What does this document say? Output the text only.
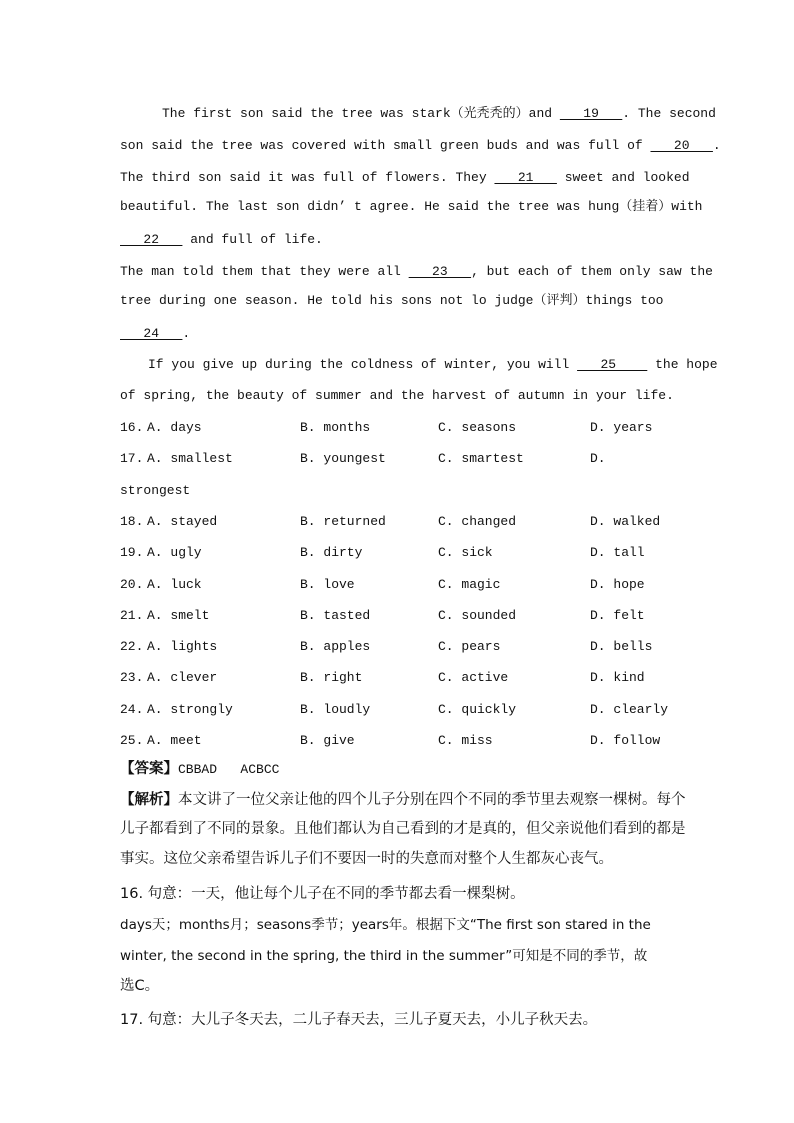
The first son said the tree was stark（光秃秃的）and    19   . The second
son said the tree was covered with small green buds and was full of    20   .
The third son said it was full of flowers. They    21    sweet and looked
beautiful. The last son didn’ t agree. He said the tree was hung（挂着）with
22    and full of life.
The man told them that they were all    23   , but each of them only saw the
tree during one season. He told his sons not lo judge（评判）things too
24   .
If you give up during the coldness of winter, you will    25     the hope
of spring, the beauty of summer and the harvest of autumn in your life.
16. A. days	B. months	C. seasons	D. years
17. A. smallest	B. youngest	C. smartest	D.
strongest
18. A. stayed	B. returned	C. changed	D. walked
19. A. ugly	B. dirty	C. sick	D. tall
20. A. luck	B. love	C. magic	D. hope
21. A. smelt	B. tasted	C. sounded	D. felt
22. A. lights	B. apples	C. pears	D. bells
23. A. clever	B. right	C. active	D. kind
24. A. strongly	B. loudly	C. quickly	D. clearly
25. A. meet	B. give	C. miss	D. follow
【答案】CBBAD   ACBCC
【解析】本文讲了一位父亲让他的四个儿子分别在四个不同的季节里去观察一棵树。每个
儿子都看到了不同的景象。且他们都认为自己看到的才是真的，但父亲说他们看到的都是
事实。这位父亲希望告诉儿子们不要因一时的失意而对整个人生都灰心丧气。
16. 句意：一天，他让每个儿子在不同的季节都去看一棵梨树。
days天；months月；seasons季节；years年。根据下文“The first son stared in the
winter, the second in the spring, the third in the summer”可知是不同的季节，故
选C。
17. 句意：大儿子冬天去，二儿子春天去，三儿子夏天去，小儿子秋天去。
